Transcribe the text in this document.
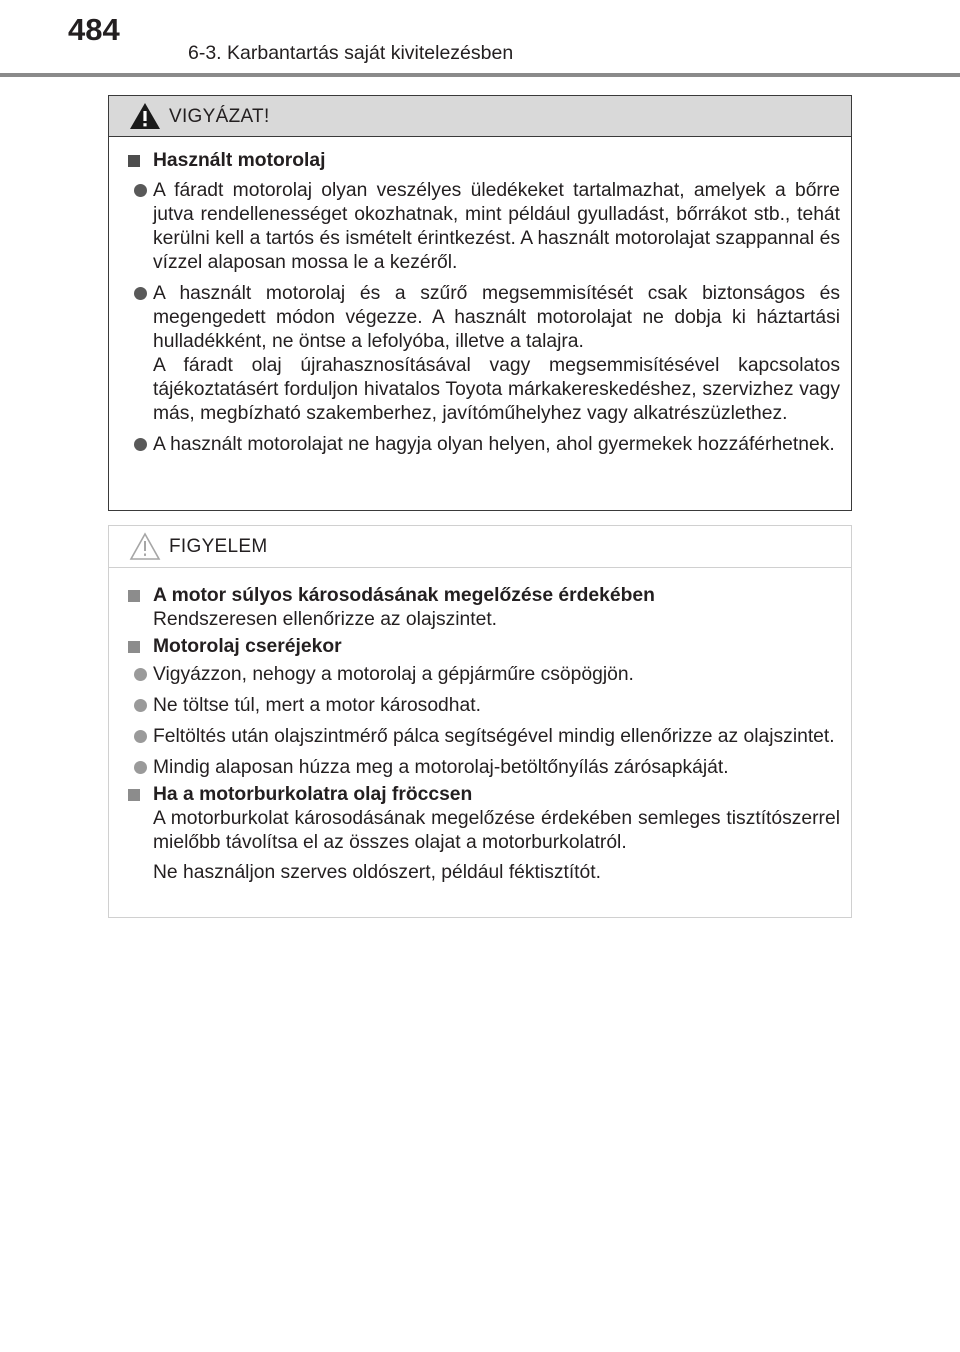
484
6-3. Karbantartás saját kivitelezésben
VIGYÁZAT!
Használt motorolaj
A fáradt motorolaj olyan veszélyes üledékeket tartalmazhat, amelyek a bőrre jutva rendellenességet okozhatnak, mint például gyulladást, bőrrákot stb., tehát kerülni kell a tartós és ismételt érintkezést. A használt motorolajat szappannal és vízzel alaposan mossa le a kezéről.
A használt motorolaj és a szűrő megsemmisítését csak biztonságos és megengedett módon végezze. A használt motorolajat ne dobja ki háztartási hulladékként, ne öntse a lefolyóba, illetve a talajra.
A fáradt olaj újrahasznosításával vagy megsemmisítésével kapcsolatos tájékoztatásért forduljon hivatalos Toyota márkakereskedéshez, szervizhez vagy más, megbízható szakemberhez, javítóműhelyhez vagy alkatrészüzlethez.
A használt motorolajat ne hagyja olyan helyen, ahol gyermekek hozzáférhetnek.
FIGYELEM
A motor súlyos károsodásának megelőzése érdekében
Rendszeresen ellenőrizze az olajszintet.
Motorolaj cseréjekor
Vigyázzon, nehogy a motorolaj a gépjárműre csöpögjön.
Ne töltse túl, mert a motor károsodhat.
Feltöltés után olajszintmérő pálca segítségével mindig ellenőrizze az olajszintet.
Mindig alaposan húzza meg a motorolaj-betöltőnyílás zárósapkáját.
Ha a motorburkolatra olaj fröccsen
A motorburkolat károsodásának megelőzése érdekében semleges tisztítószerrel mielőbb távolítsa el az összes olajat a motorburkolatról.
Ne használjon szerves oldószert, például féktisztítót.
